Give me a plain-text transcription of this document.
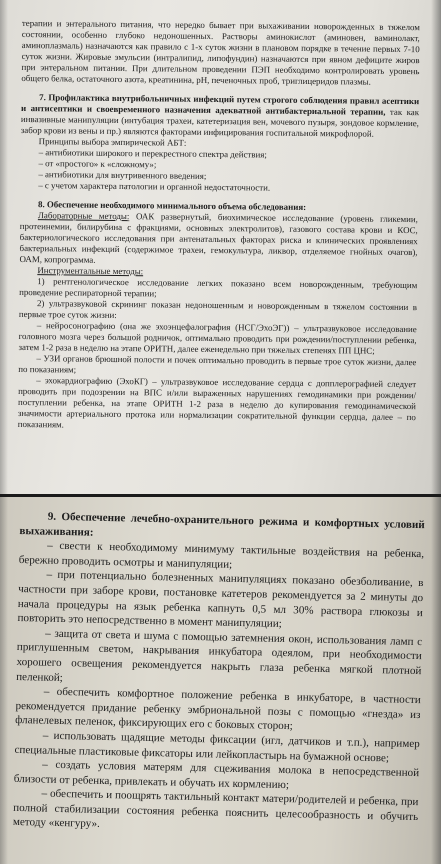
терапии и энтерального питания, что нередко бывает при выхаживании новорожденных в тяжелом состоянии, особенно глубоко недоношенных. Растворы аминокислот (аминовен, ваминолакт, аминоплазмаль) назначаются как правило с 1-х суток жизни в плановом порядке в течение первых 7-10 суток жизни. Жировые эмульсии (интралипид, липофундин) назначаются при явном дефиците жиров при энтеральном питании. При длительном проведении ПЭП необходимо контролировать уровень общего белка, остаточного азота, креатинина, рН, печеночных проб, триглицеридов плазмы.

7. Профилактика внутрибольничных инфекций путем строгого соблюдения правил асептики и антисептики и своевременного назначения адекватной антибактериальной терапии, так как инвазивные манипуляции (интубация трахеи, катетеризация вен, мочевого пузыря, зондовое кормление, забор крови из вены и пр.) являются факторами инфицирования госпитальной микрофлорой.

Принципы выбора эмпирической АБТ:

– антибиотики широкого и перекрестного спектра действия;

– от «простого» к «сложному»;

– антибиотики для внутривенного введения;

– с учетом характера патологии и органной недостаточности.

8. Обеспечение необходимого минимального объема обследования:

Лабораторные методы: ОАК развернутый, биохимическое исследование (уровень гликемии, протеинемии, билирубина с фракциями, основных электролитов), газового состава крови и КОС, бактериологического исследования при антенатальных факторах риска и клинических проявлениях бактериальных инфекций (содержимое трахеи, гемокультура, ликвор, отделяемое гнойных очагов), ОАМ, копрограмма.

Инструментальные методы:

1) рентгенологическое исследование легких показано всем новорожденным, требующим проведение респираторной терапии;

2) ультразвуковой скрининг показан недоношенным и новорожденным в тяжелом состоянии в первые трое суток жизни:

– нейросонографию (она же эхоэнцефалография (НСГ/ЭхоЭГ)) – ультразвуковое исследование головного мозга через большой родничок, оптимально проводить при рождении/поступлении ребенка, затем 1-2 раза в неделю на этапе ОРИТН, далее еженедельно при тяжелых степенях ПП ЦНС;

– УЗИ органов брюшной полости и почек оптимально проводить в первые трое суток жизни, далее по показаниям;

– эхокардиографию (ЭхоКГ) – ультразвуковое исследование сердца с допплерографией следует проводить при подозрении на ВПС и/или выраженных нарушениях гемодинамики при рождении/поступлении ребенка, на этапе ОРИТН 1-2 раза в неделю до купирования гемодинамической значимости артериального протока или нормализации сократительной функции сердца, далее – по показаниям.

9. Обеспечение лечебно-охранительного режима и комфортных условий выхаживания:

– свести к необходимому минимуму тактильные воздействия на ребенка, бережно проводить осмотры и манипуляции;

– при потенциально болезненных манипуляциях показано обезболивание, в частности при заборе крови, постановке катетеров рекомендуется за 2 минуты до начала процедуры на язык ребенка капнуть 0,5 мл 30% раствора глюкозы и повторить это непосредственно в момент манипуляции;

– защита от света и шума с помощью затемнения окон, использования ламп с приглушенным светом, накрывания инкубатора одеялом, при необходимости хорошего освещения рекомендуется накрыть глаза ребенка мягкой плотной пеленкой;

– обеспечить комфортное положение ребенка в инкубаторе, в частности рекомендуется придание ребенку эмбриональной позы с помощью «гнезда» из фланелевых пеленок, фиксирующих его с боковых сторон;

– использовать щадящие методы фиксации (игл, датчиков и т.п.), например специальные пластиковые фиксаторы или лейкопластырь на бумажной основе;

– создать условия матерям для сцеживания молока в непосредственной близости от ребенка, привлекать и обучать их кормлению;

– обеспечить и поощрять тактильный контакт матери/родителей и ребенка, при полной стабилизации состояния ребенка пояснить целесообразность и обучить методу «кенгуру».
